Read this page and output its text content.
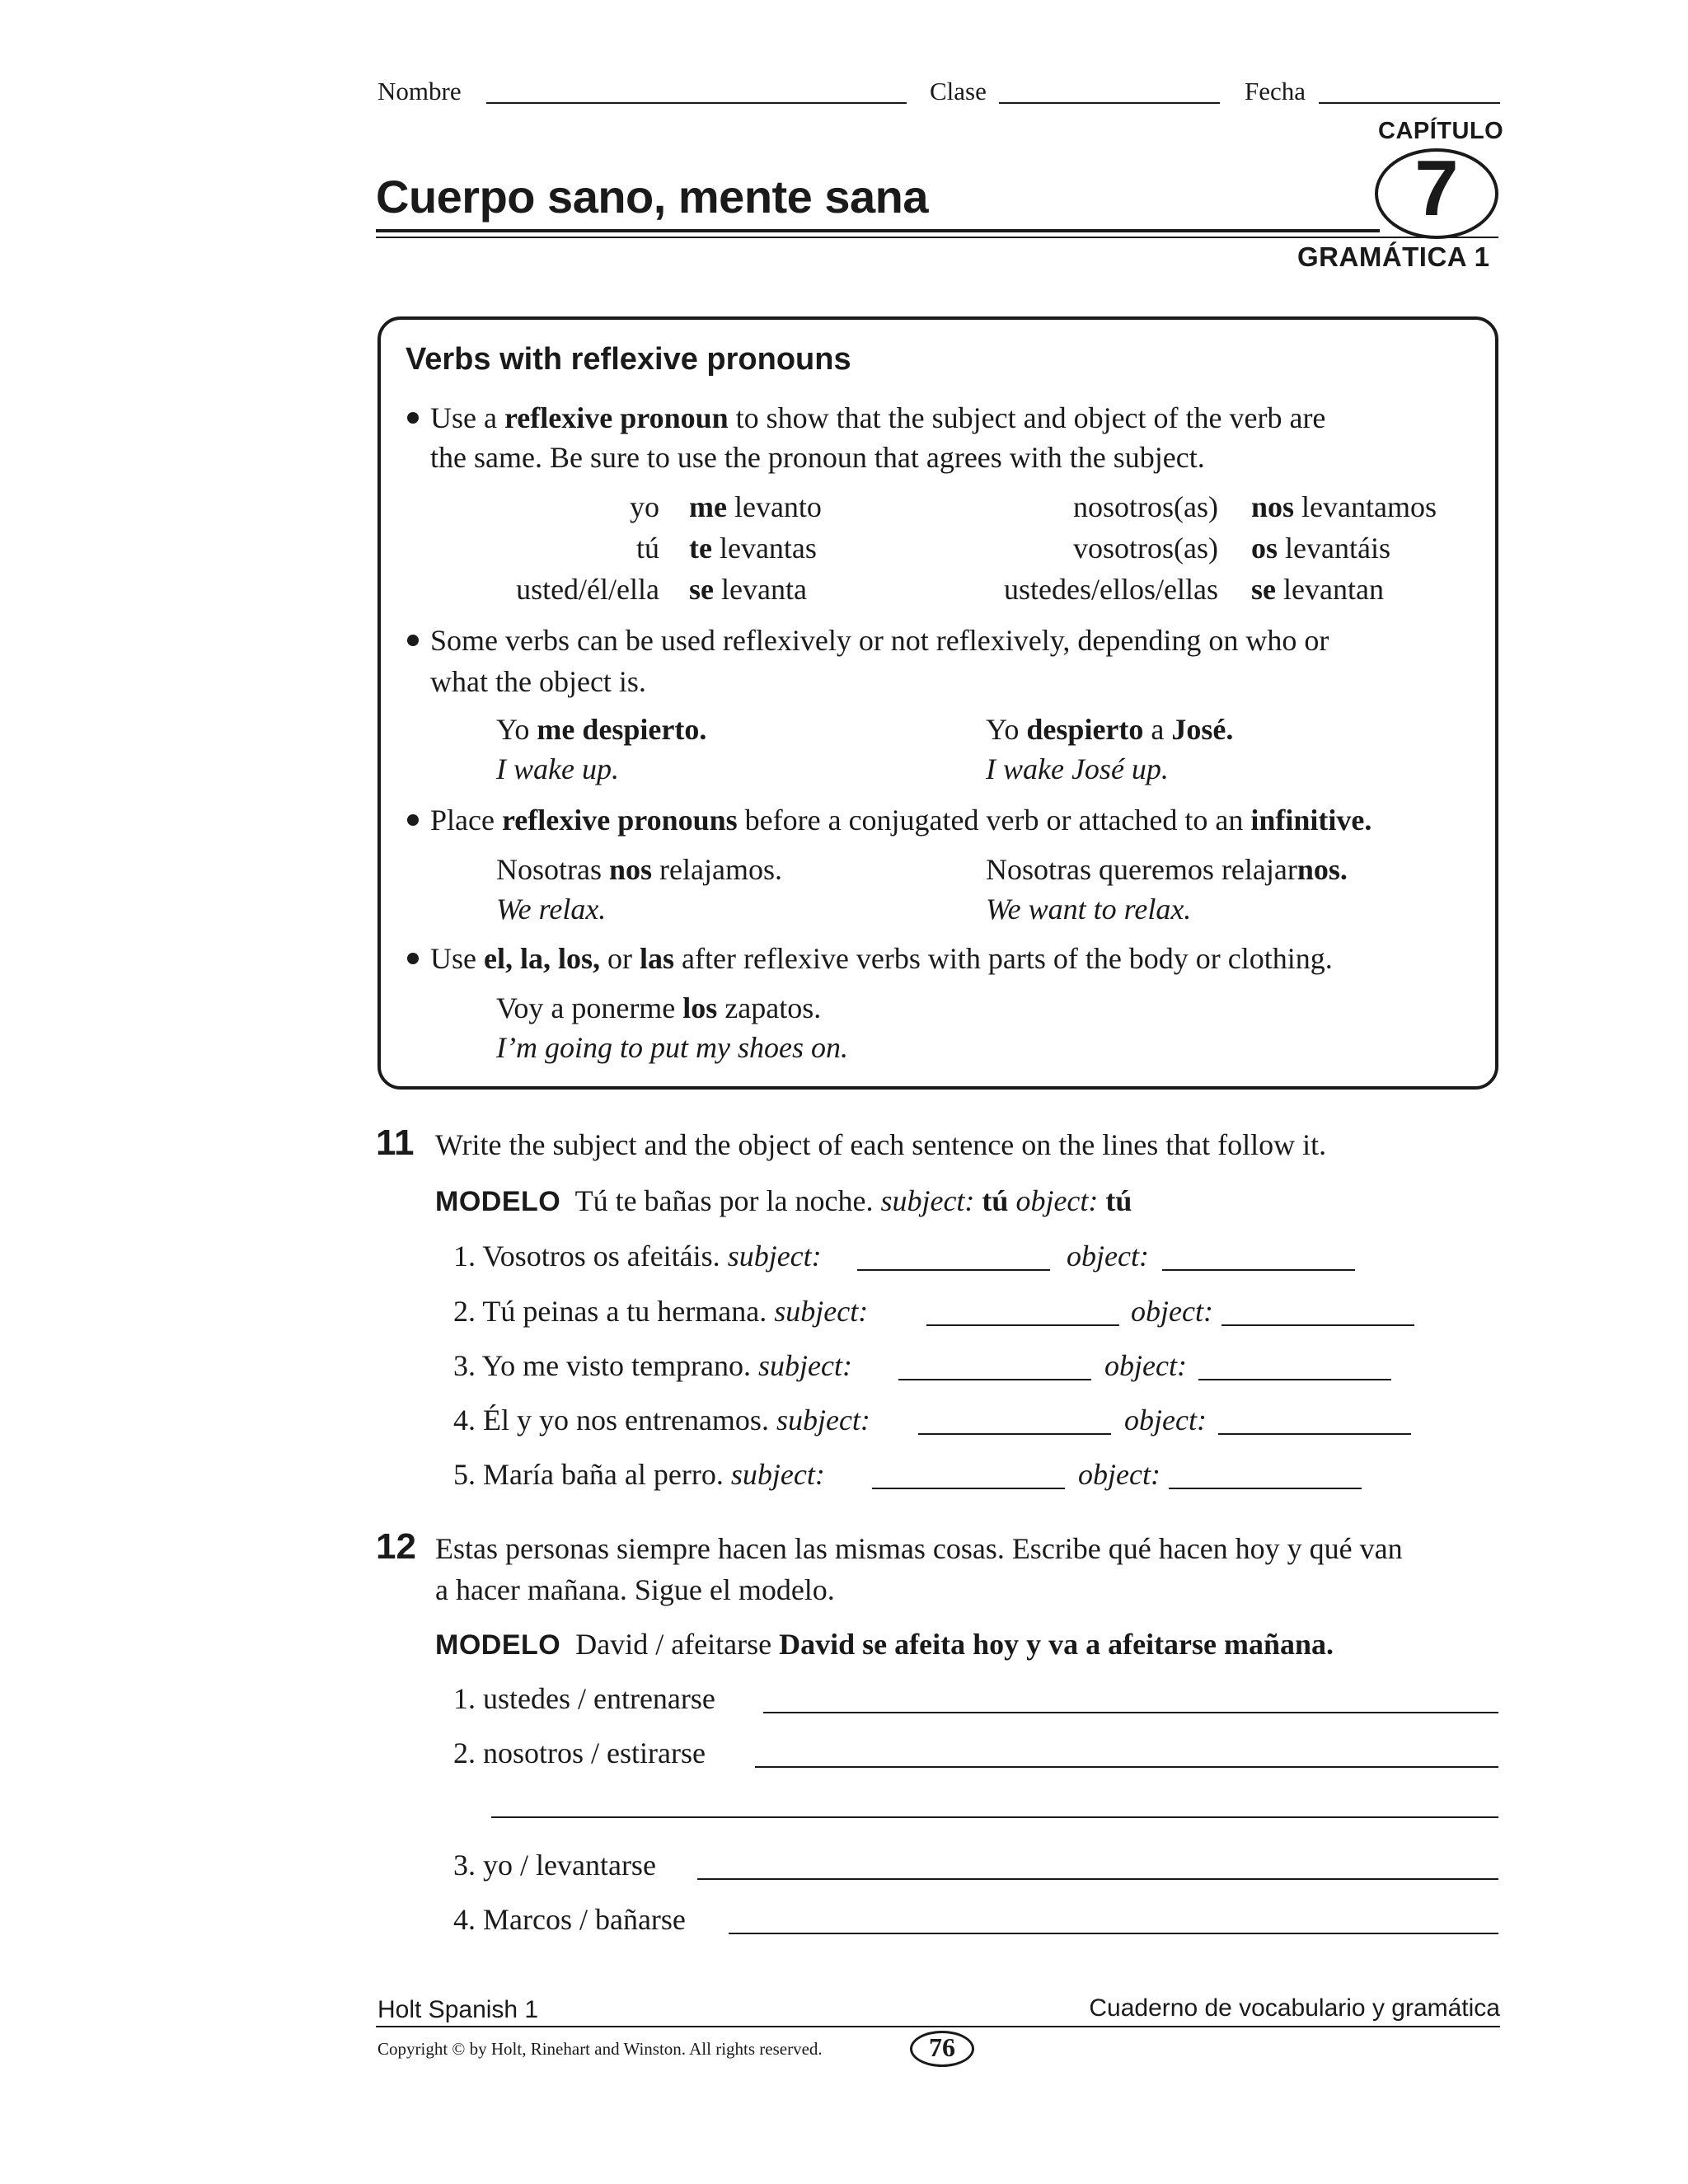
Nombre	Clase	Fecha
CAPÍTULO
7
Cuerpo sano, mente sana
GRAMÁTICA 1
Verbs with reflexive pronouns
Use a reflexive pronoun to show that the subject and object of the verb are
the same. Be sure to use the pronoun that agrees with the subject.
yo me levanto	nosotros(as) nos levantamos
tú te levantas	vosotros(as) os levantáis
usted/él/ella se levanta	ustedes/ellos/ellas se levantan
Some verbs can be used reflexively or not reflexively, depending on who or
what the object is.
Yo me despierto.
I wake up.
Yo despierto a José.
I wake José up.
Place reflexive pronouns before a conjugated verb or attached to an infinitive.
Nosotras nos relajamos.
We relax.
Nosotras queremos relajarnos.
We want to relax.
Use el, la, los, or las after reflexive verbs with parts of the body or clothing.
Voy a ponerme los zapatos.
I’m going to put my shoes on.
11 Write the subject and the object of each sentence on the lines that follow it.
MODELO Tú te bañas por la noche. subject: tú object: tú
1. Vosotros os afeitáis. subject:	object:
2. Tú peinas a tu hermana. subject:	object:
3. Yo me visto temprano. subject:	object:
4. Él y yo nos entrenamos. subject:	object:
5. María baña al perro. subject:	object:
12 Estas personas siempre hacen las mismas cosas. Escribe qué hacen hoy y qué van
a hacer mañana. Sigue el modelo.
MODELO David / afeitarse David se afeita hoy y va a afeitarse mañana.
1. ustedes / entrenarse
2. nosotros / estirarse
3. yo / levantarse
4. Marcos / bañarse
Holt Spanish 1	Cuaderno de vocabulario y gramática
Copyright © by Holt, Rinehart and Winston. All rights reserved.	76
